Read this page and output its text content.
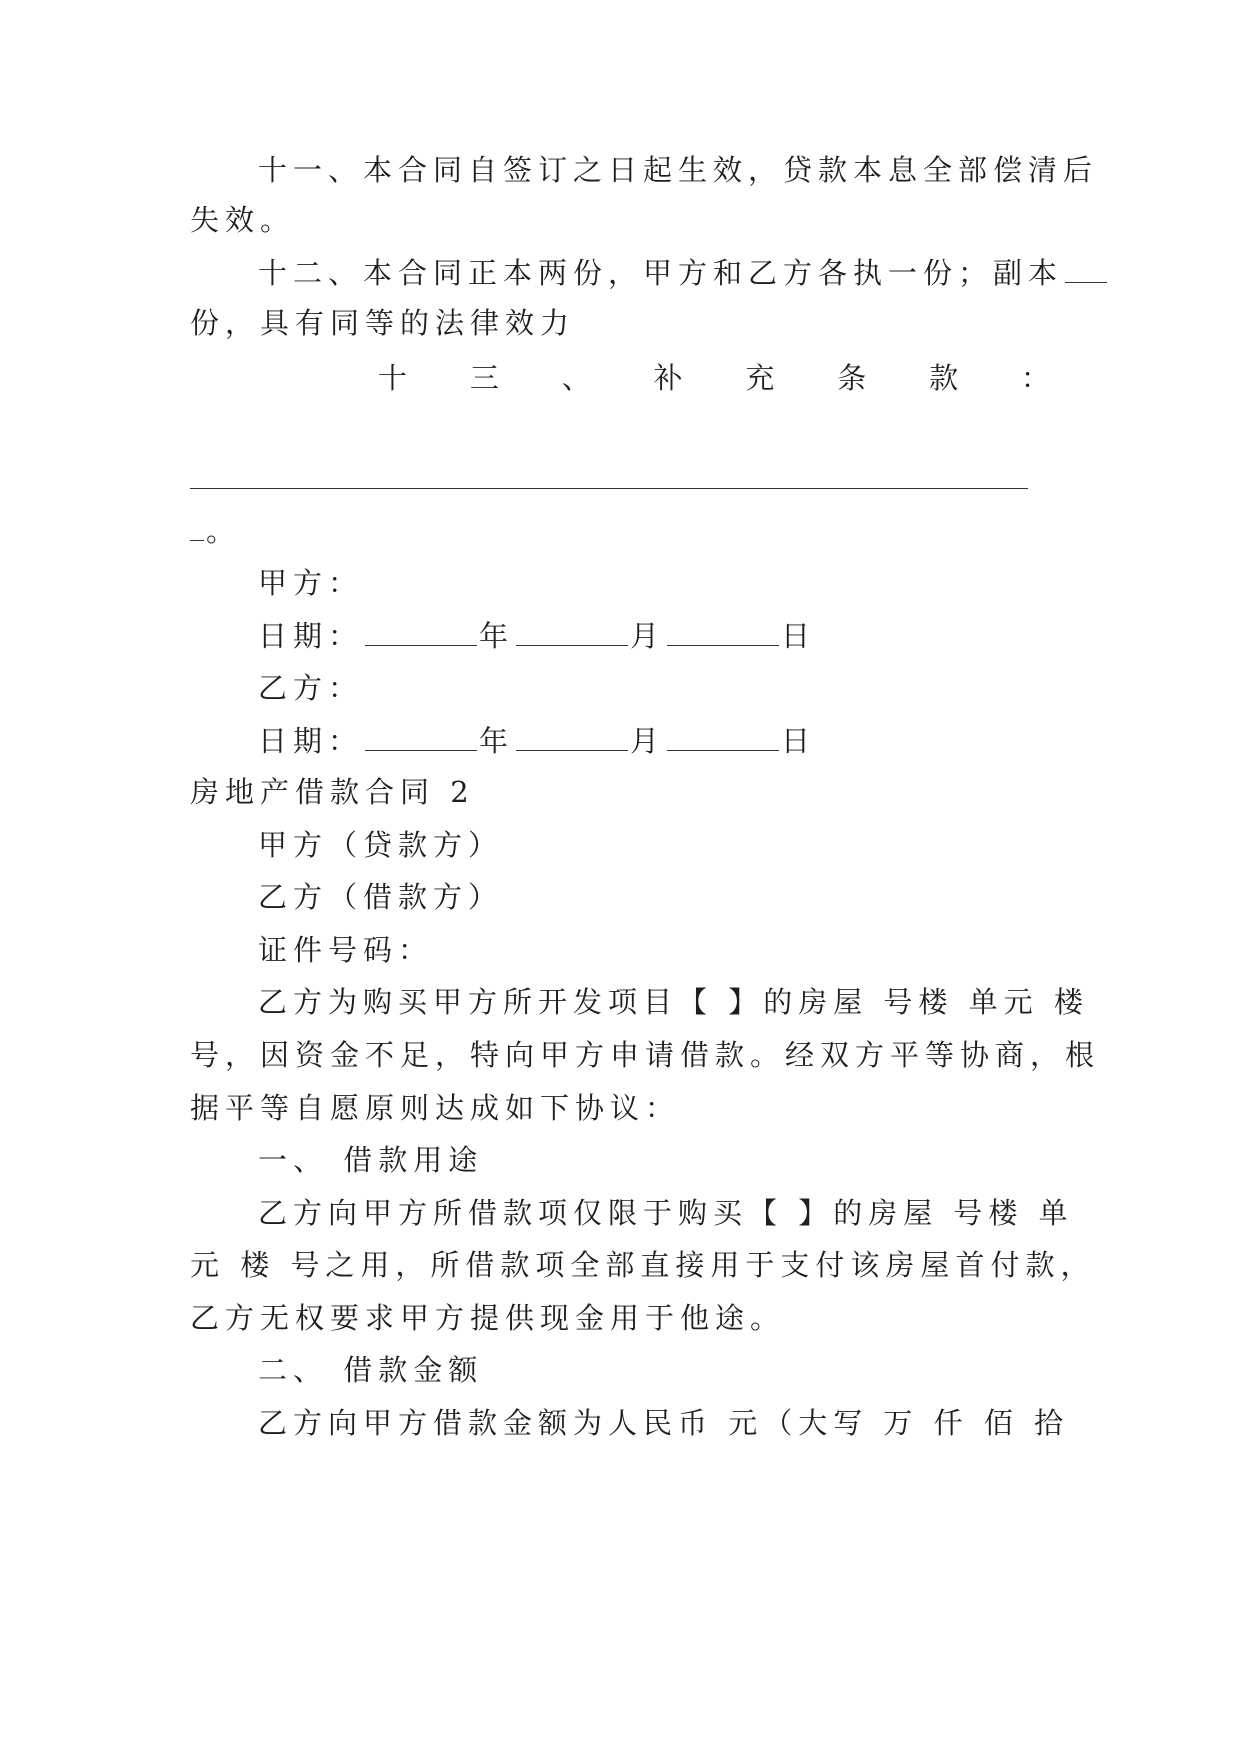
十一、本合同自签订之日起生效，贷款本息全部偿清后
失效。
十二、本合同正本两份，甲方和乙方各执一份；副本
份，具有同等的法律效力
十 三 、 补 充 条 款 ：
。
甲方：
日期：	年	月	日
乙方：
日期：	年	月	日
房地产借款合同 2
甲方（贷款方）
乙方（借款方）
证件号码：
乙方为购买甲方所开发项目【 】的房屋 号楼 单元 楼
号，因资金不足，特向甲方申请借款。经双方平等协商，根
据平等自愿原则达成如下协议：
一、 借款用途
乙方向甲方所借款项仅限于购买【 】的房屋 号楼 单
元 楼 号之用，所借款项全部直接用于支付该房屋首付款，
乙方无权要求甲方提供现金用于他途。
二、 借款金额
乙方向甲方借款金额为人民币 元（大写 万 仟 佰 拾
